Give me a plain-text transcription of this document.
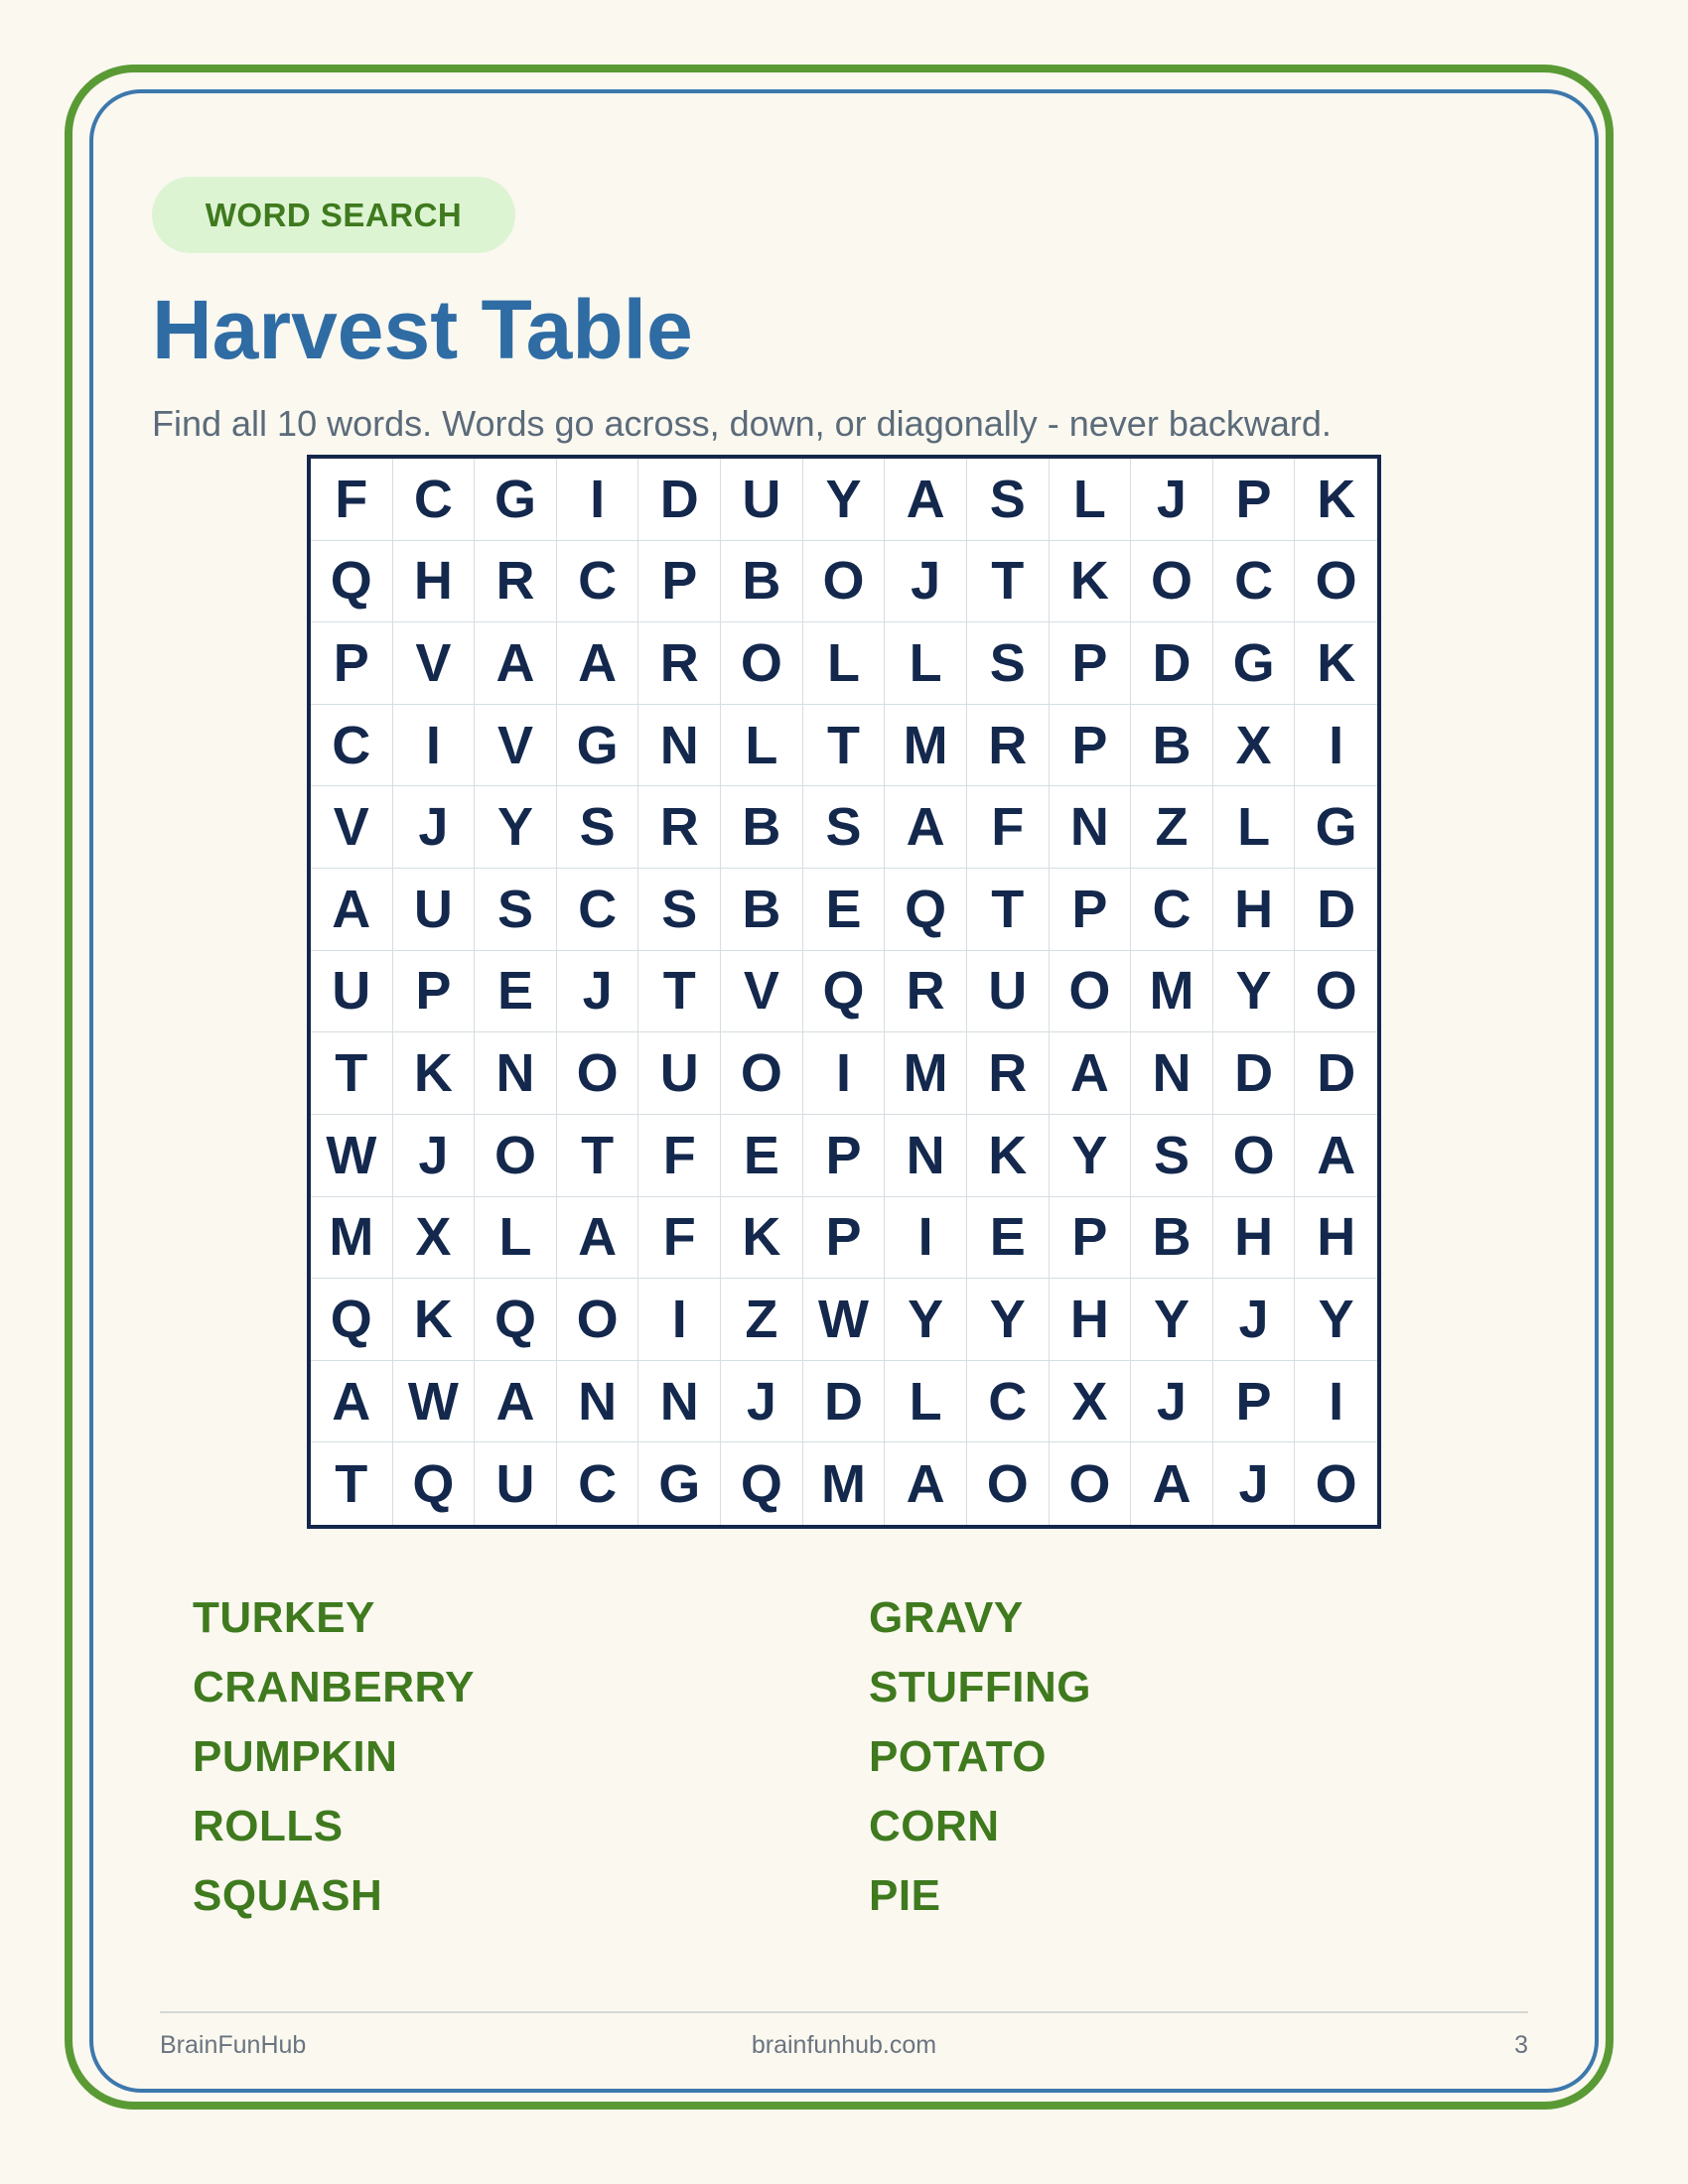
WORD SEARCH
Harvest Table
Find all 10 words. Words go across, down, or diagonally - never backward.
F C G	I	D U Y A S L J P K
Q H R C P B O J T K O C O
P V A A R O L L S P D G K
C	I	V G N L T M R P B X	I
V J Y S R B S A F N Z L G
A U S C S B E Q T P C H D
U P E J T V Q R U O M Y O
T K N O U O	I M R A N D D
W J O T F E P N K Y S O A
M X L A F K P	I	E P B H H
Q K Q O	I	Z W Y Y H Y J Y
A W A N N J D L C X J P	I
T Q U C G Q M A O O A J O
TURKEY	GRAVY
CRANBERRY	STUFFING
PUMPKIN	POTATO
ROLLS	CORN
SQUASH	PIE
BrainFunHub	brainfunhub.com	3
